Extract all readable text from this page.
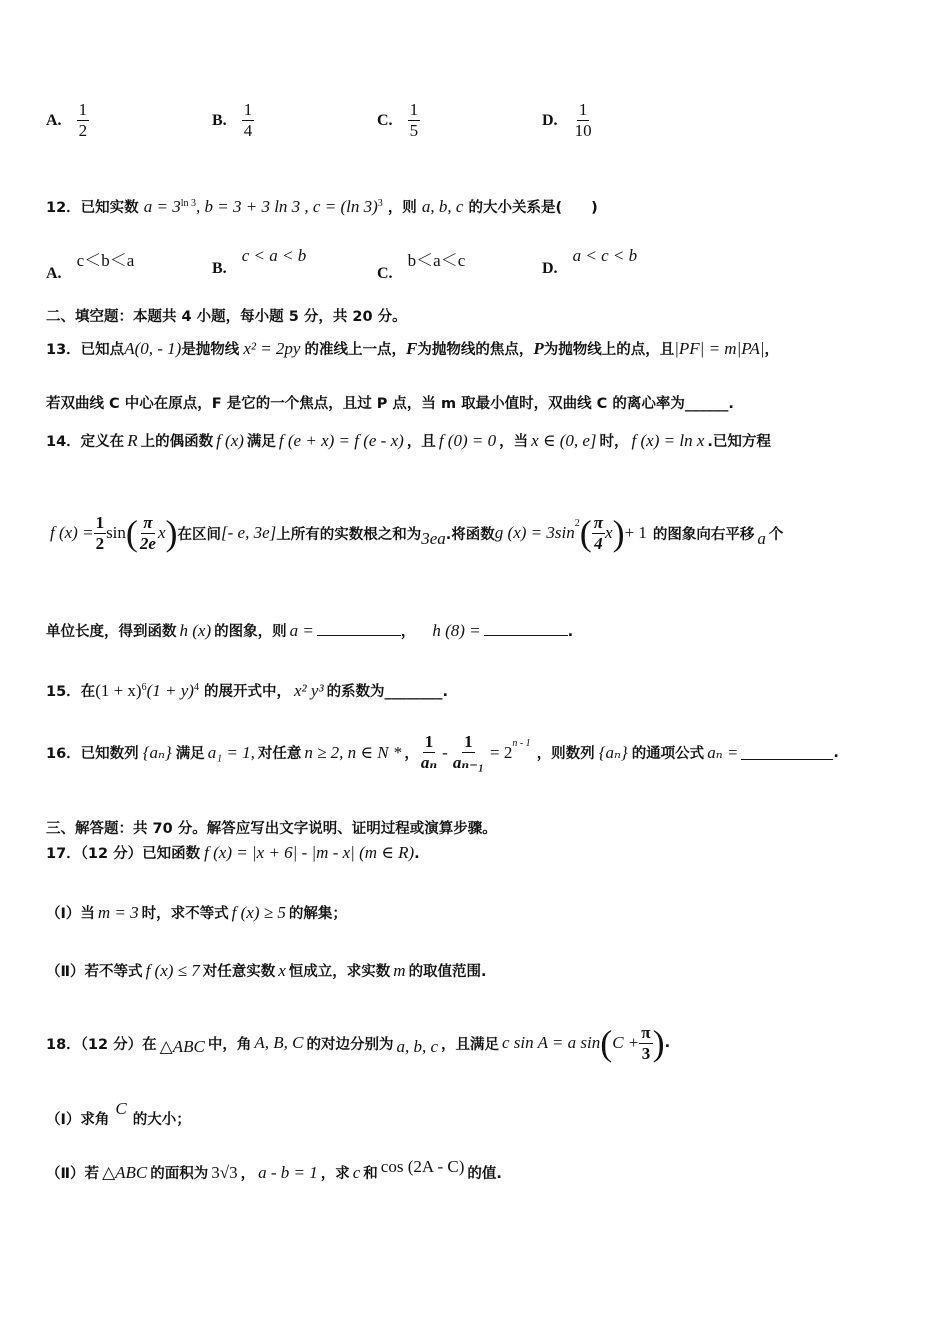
A. $\frac{1}{2}$	B. $\frac{1}{4}$	C. $\frac{1}{5}$	D. $\frac{1}{10}$
12．已知实数 $a = 3^{ln 3}$, b = 3 + 3 ln 3 , c = (ln 3)$^3$ ，则 a, b, c 的大小关系是(　　)
A. c＜b＜a	B. c < a < b
C. b＜a＜c	D. a < c < b
二、填空题：本题共 4 小题，每小题 5 分，共 20 分。
13．已知点A(0, - 1)是抛物线 x² = 2py 的准线上一点，F为抛物线的焦点，P为抛物线上的点，且|PF| = m|PA|，
若双曲线 C 中心在原点，F 是它的一个焦点，且过 P 点，当 m 取最小值时，双曲线 C 的离心率为______.
14．定义在 R 上的偶函数 f (x) 满足 f (e + x) = f (e - x) ，且 f (0) = 0 ，当 x ∈ (0, e] 时， f (x) = ln x .已知方程
f $(x) = \frac{1}{2}$ sin ( $\frac{\pi}{2e}$ x ) 在区间 [- e, 3e] 上所有的实数根之和为 3ea .将函数 g $(x) = 3\sin^2$ ( $\frac{\pi}{4}$ x ) + 1 的图象向右平移 a 个
单位长度，得到函数 h (x) 的图象，则 a =	， h (8) =	.
15．在$(1 + x)^6(1 + y)^4$ 的展开式中， x² y³ 的系数为________.
16．已知数列 {aₙ} 满足 a₁ = 1, 对任意 n ≥ 2, n ∈ N * ， $\frac{1}{\text{aₙ}} - \frac{1}{\text{aₙ₋₁}} = 2^{n - 1}$
，则数列 {aₙ} 的通项公式 aₙ =	.
三、解答题：共 70 分。解答应写出文字说明、证明过程或演算步骤。
17．（12 分）已知函数 f (x) = |x + 6| - |m - x| (m ∈ R).
（Ⅰ）当 m = 3 时，求不等式 f (x) ≥ 5 的解集；
（Ⅱ）若不等式 f (x) ≤ 7 对任意实数 x 恒成立，求实数 m 的取值范围.
18．（12 分）在 △ABC 中，角 A, B, C 的对边分别为 a, b, c ，且满足 c sin A = a sin ( $C + \frac{\pi}{3}$ ) .
（Ⅰ）求角C的大小；
（Ⅱ）若 △ABC 的面积为 3√3 ， a - b = 1 ，求 c 和 cos (2A - C) 的值.
